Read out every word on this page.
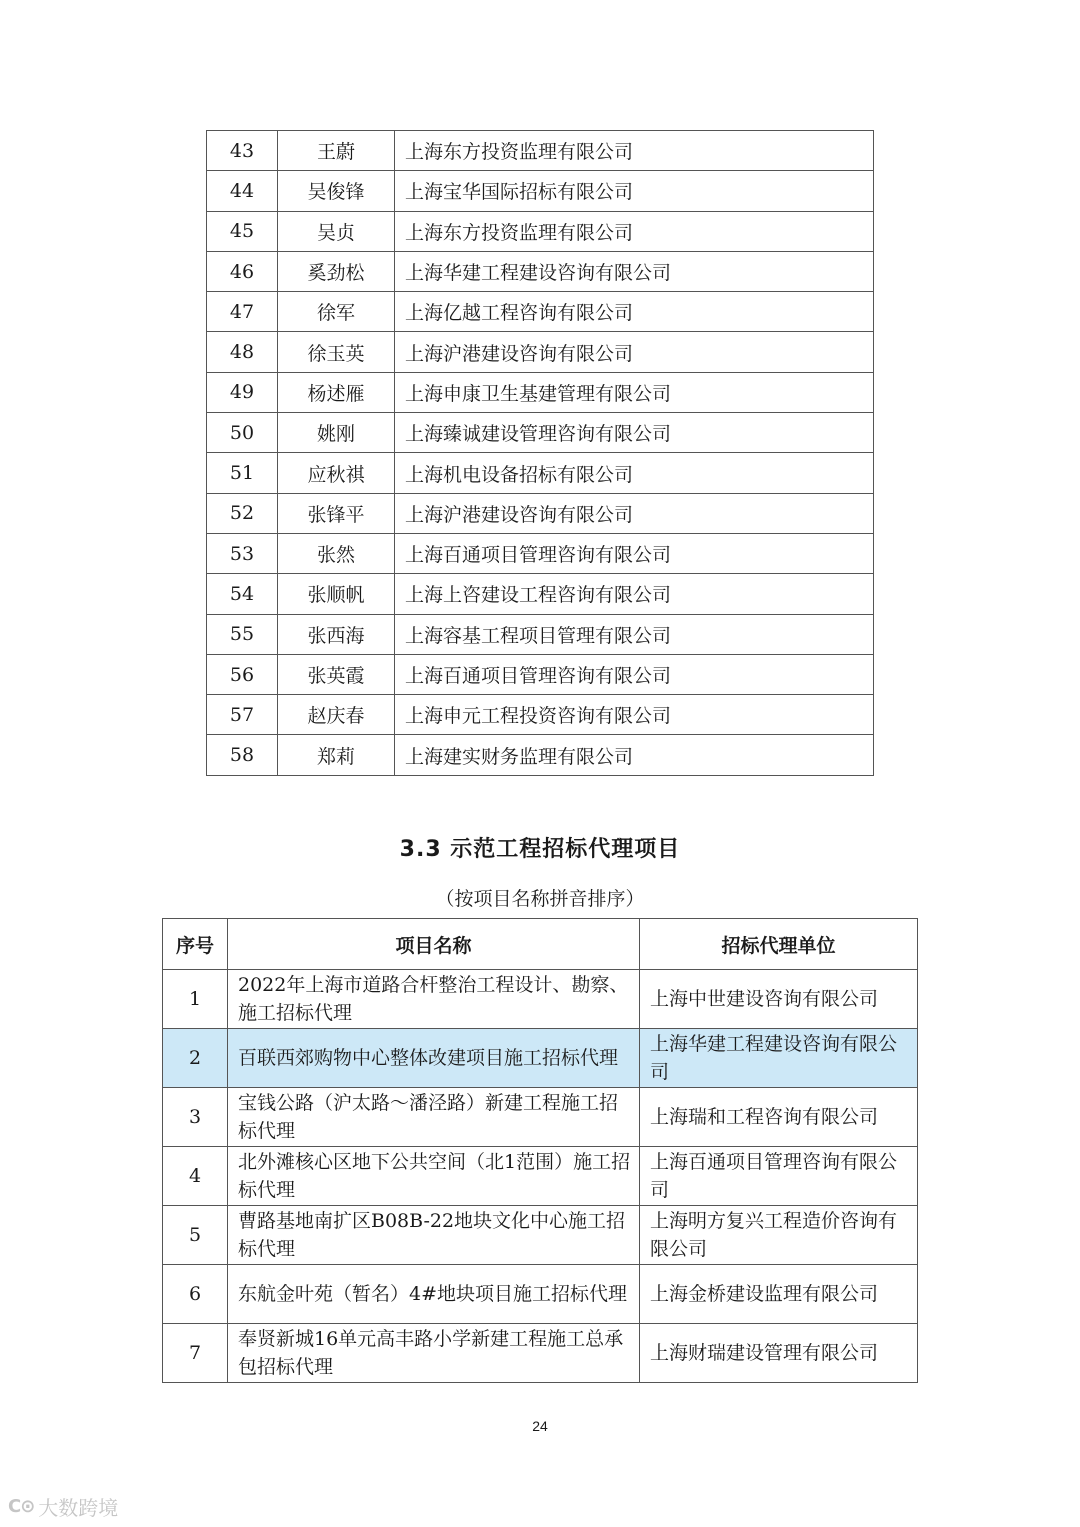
43	王蔚	上海东方投资监理有限公司
44	吴俊锋	上海宝华国际招标有限公司
45	吴贞	上海东方投资监理有限公司
46	奚劲松	上海华建工程建设咨询有限公司
47	徐军	上海亿越工程咨询有限公司
48	徐玉英	上海沪港建设咨询有限公司
49	杨述雁	上海申康卫生基建管理有限公司
50	姚刚	上海臻诚建设管理咨询有限公司
51	应秋祺	上海机电设备招标有限公司
52	张锋平	上海沪港建设咨询有限公司
53	张然	上海百通项目管理咨询有限公司
54	张顺帆	上海上咨建设工程咨询有限公司
55	张西海	上海容基工程项目管理有限公司
56	张英霞	上海百通项目管理咨询有限公司
57	赵庆春	上海申元工程投资咨询有限公司
58	郑莉	上海建实财务监理有限公司
3.3 示范工程招标代理项目
（按项目名称拼音排序）
序号	项目名称	招标代理单位
1	2022年上海市道路合杆整治工程设计、勘察、施工招标代理	上海中世建设咨询有限公司
2	百联西郊购物中心整体改建项目施工招标代理	上海华建工程建设咨询有限公司
3	宝钱公路（沪太路～潘泾路）新建工程施工招标代理	上海瑞和工程咨询有限公司
4	北外滩核心区地下公共空间（北1范围）施工招标代理	上海百通项目管理咨询有限公司
5	曹路基地南扩区B08B-22地块文化中心施工招标代理	上海明方复兴工程造价咨询有限公司
6	东航金叶苑（暂名）4#地块项目施工招标代理	上海金桥建设监理有限公司
7	奉贤新城16单元高丰路小学新建工程施工总承包招标代理	上海财瑞建设管理有限公司
24
C⊙ 大数跨境
